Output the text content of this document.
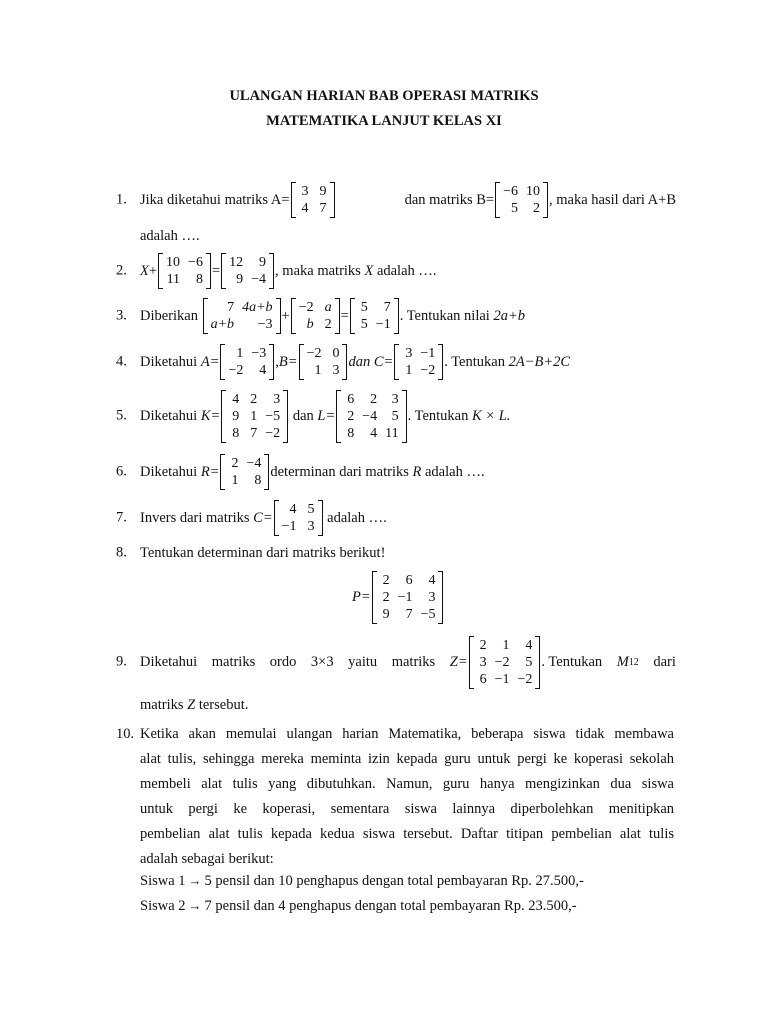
ULANGAN HARIAN BAB OPERASI MATRIKS
MATEMATIKA LANJUT KELAS XI
1. Jika diketahui matriks A= 3 9
4 7
dan matriks B= −6 10
5	2
, maka hasil dari A+B
adalah ….
2. X + 10 −6
11	8
= 12	9
9 −4
, maka matriks
X
adalah ….
3. Diberikan
	7 4a+b
a+b	−3
+ −2 a
b 2
= 5	7
5 −1
. Tentukan nilai
2a+b
4. Diketahui
A=	1 −3
−2	4
,B= −2 0
1 3
dan C= 3 −1
1 −2
. Tentukan
2A−B+2C
5. Diketahui
K=
4 2	3
9 1 −5
8 7 −2

dan
L=
6	2	3
2 −4	5
8	4 11
. Tentukan
K × L.
6. Diketahui
R= 2 −4
1	8
determinan dari matriks
R
adalah ….
7. Invers dari matriks
C=	4 5
−1 3

adalah ….
8. Tentukan determinan dari matriks berikut!
P=
2	6	4
2 −1	3
9	7 −5
9. Diketahui matriks ordo 3×3 yaitu matriks Z=
2	1	4
3 −2	5
6 −1 −2
. Tentukan M 12 dari
matriks Z tersebut.
10. Ketika akan memulai ulangan harian Matematika, beberapa siswa tidak membawa
alat tulis, sehingga mereka meminta izin kepada guru untuk pergi ke koperasi sekolah
membeli alat tulis yang dibutuhkan. Namun, guru hanya mengizinkan dua siswa
untuk pergi ke koperasi, sementara siswa lainnya diperbolehkan menitipkan
pembelian alat tulis kepada kedua siswa tersebut. Daftar titipan pembelian alat tulis
adalah sebagai berikut:
Siswa 1 → 5 pensil dan 10 penghapus dengan total pembayaran Rp. 27.500,-
Siswa 2 → 7 pensil dan 4 penghapus dengan total pembayaran Rp. 23.500,-
